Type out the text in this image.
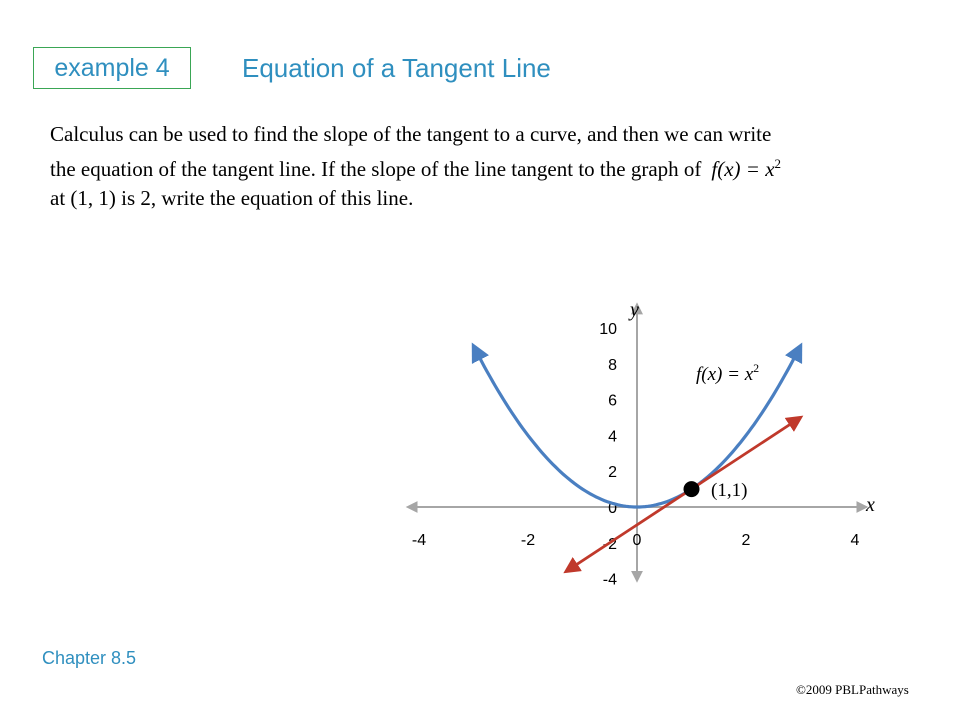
example 4	Equation of a Tangent Line
Calculus can be used to find the slope of the tangent to a curve, and then we can write
the equation of the tangent line. If the slope of the line tangent to the graph of $f(x) = x^2$
at (1, 1) is 2, write the equation of this line.
-4	-2	0	2	4
10
8
6
4
2
0
-2
-4
y
x
$f(x) = x^2$
(1,1)
Chapter 8.5
©2009 PBLPathways
